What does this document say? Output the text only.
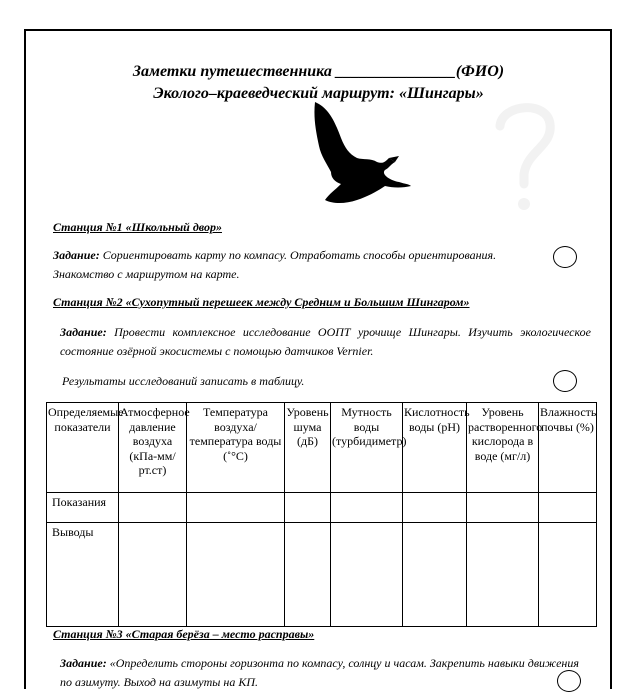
Заметки путешественника _______________(ФИО)
Эколого–краеведческий маршрут: «Шингары»
Станция №1 «Школьный двор»
Задание: Сориентировать карту по компасу. Отработать способы ориентирования. Знакомство с маршрутом на карте.
Станция №2 «Сухопутный перешеек между Средним и Большим Шингаром»
Задание: Провести комплексное исследование ООПТ урочище Шингары. Изучить экологическое состояние озёрной экосистемы с помощью датчиков Vernier.
Результаты исследований записать в таблицу.
Определяемые показатели	Атмосферное давление воздуха (кПа-мм/рт.ст)	Температура воздуха/температура воды (˚°C)	Уровень шума (дБ)	Мутность воды (турбидиметр)	Кислотность воды (pH)	Уровень растворенного кислорода в воде (мг/л)	Влажность почвы (%)
Показания							
Выводы							
Станция №3 «Старая берёза – место расправы»
Задание: «Определить стороны горизонта по компасу, солнцу и часам. Закрепить навыки движения по азимуту. Выход на азимуты на КП.
